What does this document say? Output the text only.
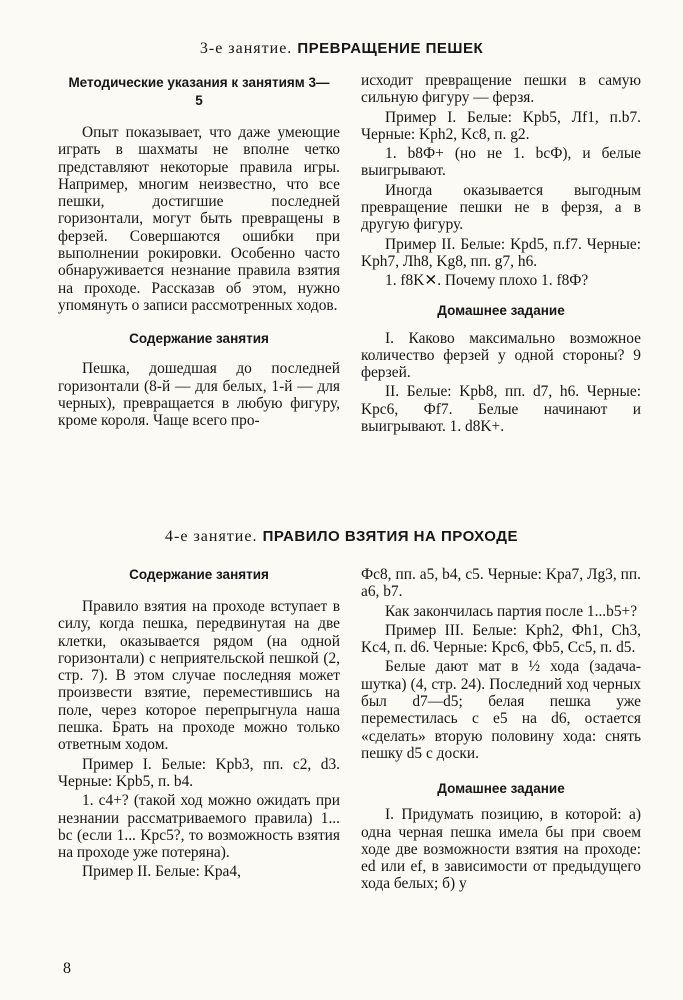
3-е занятие. ПРЕВРАЩЕНИЕ ПЕШЕК
Методические указания к занятиям 3—5

Опыт показывает, что даже умеющие играть в шахматы не вполне четко представляют некоторые правила игры. Например, многим неизвестно, что все пешки, достигшие последней горизонтали, могут быть превращены в ферзей. Совершаются ошибки при выполнении рокировки. Особенно часто обнаруживается незнание правила взятия на проходе. Рассказав об этом, нужно упомянуть о записи рассмотренных ходов.

Содержание занятия

Пешка, дошедшая до последней горизонтали (8-й — для белых, 1-й — для черных), превращается в любую фигуру, кроме короля. Чаще всего про-

исходит превращение пешки в самую сильную фигуру — ферзя.

Пример I. Белые: Kpb5, Лf1, п.b7. Черные: Kph2, Kc8, п. g2.

1. b8Ф+ (но не 1. bcФ), и белые выигрывают.

Иногда оказывается выгодным превращение пешки не в ферзя, а в другую фигуру.

Пример II. Белые: Kpd5, п.f7. Черные: Kph7, Лh8, Kg8, пп. g7, h6.

1. f8K✕. Почему плохо 1. f8Ф?

Домашнее задание

I. Каково максимально возможное количество ферзей у одной стороны? 9 ферзей.

II. Белые: Kpb8, пп. d7, h6. Черные: Kpc6, Фf7. Белые начинают и выигрывают. 1. d8K+.

4-е занятие. ПРАВИЛО ВЗЯТИЯ НА ПРОХОДЕ
Содержание занятия

Правило взятия на проходе вступает в силу, когда пешка, передвинутая на две клетки, оказывается рядом (на одной горизонтали) с неприятельской пешкой (2, стр. 7). В этом случае последняя может произвести взятие, переместившись на поле, через которое перепрыгнула наша пешка. Брать на проходе можно только ответным ходом.

Пример I. Белые: Kpb3, пп. c2, d3. Черные: Kpb5, п. b4.

1. c4+? (такой ход можно ожидать при незнании рассматриваемого правила) 1... bc (если 1... Kpc5?, то возможность взятия на проходе уже потеряна).

Пример II. Белые: Kpa4,

Фc8, пп. a5, b4, c5. Черные: Kpa7, Лg3, пп. a6, b7.

Как закончилась партия после 1...b5+?

Пример III. Белые: Kph2, Фh1, Ch3, Kc4, п. d6. Черные: Kpc6, Фb5, Cc5, п. d5.

Белые дают мат в ½ хода (задача-шутка) (4, стр. 24). Последний ход черных был d7—d5; белая пешка уже переместилась с e5 на d6, остается «сделать» вторую половину хода: снять пешку d5 с доски.

Домашнее задание

I. Придумать позицию, в которой: а) одна черная пешка имела бы при своем ходе две возможности взятия на проходе: ed или ef, в зависимости от предыдущего хода белых; б) у

8
